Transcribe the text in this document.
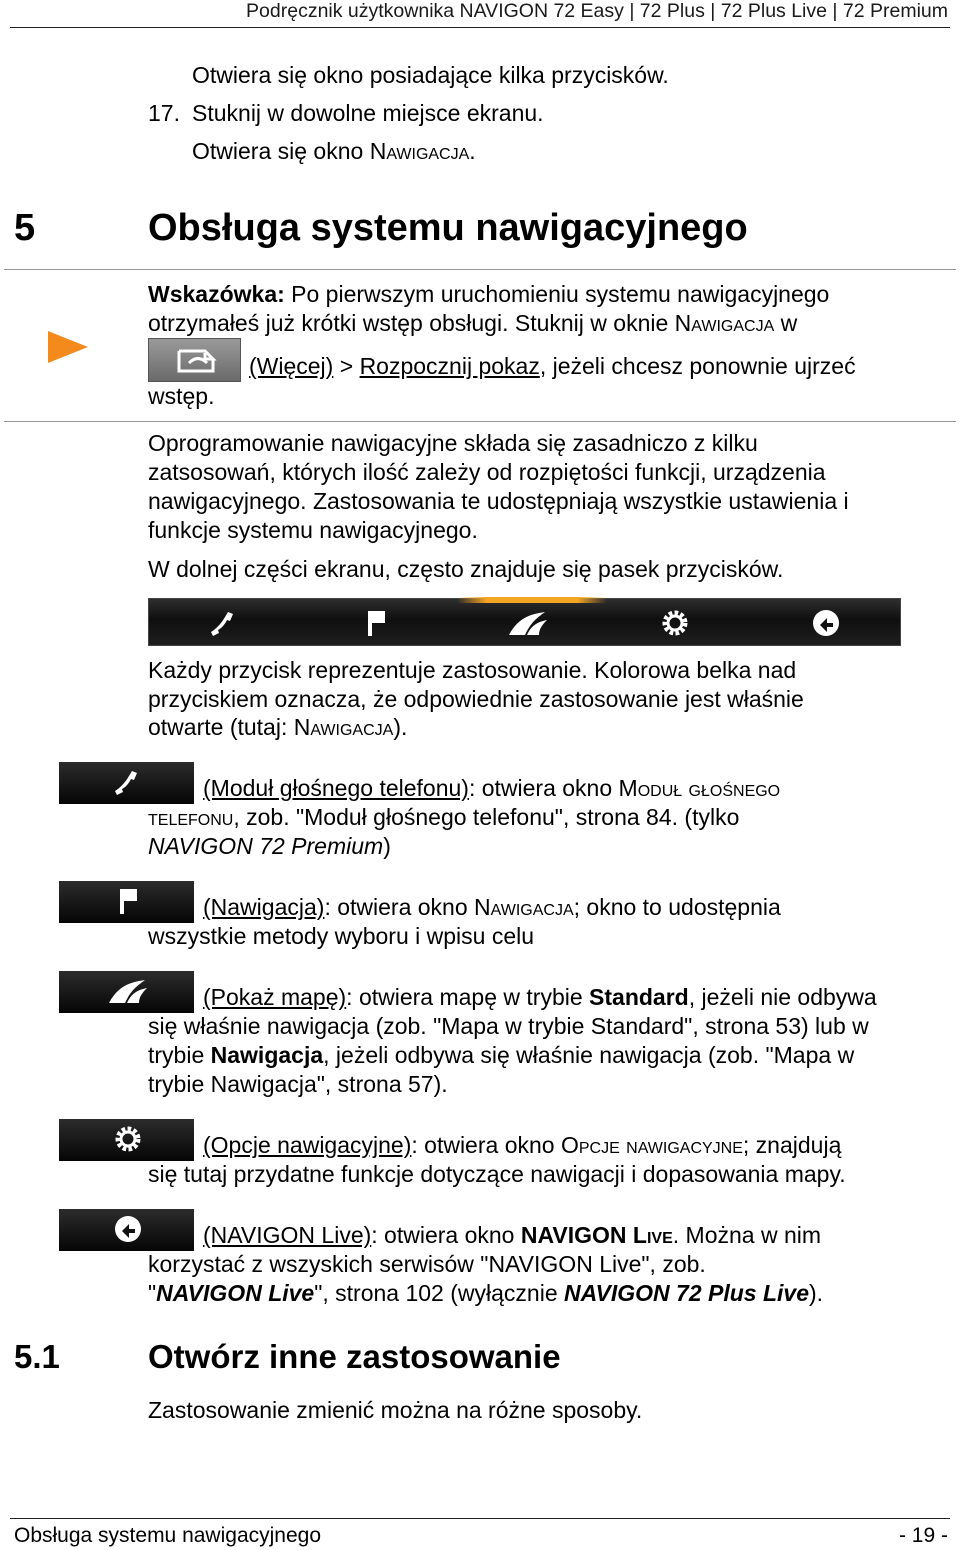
Podręcznik użytkownika NAVIGON 72 Easy | 72 Plus | 72 Plus Live | 72 Premium
Otwiera się okno posiadające kilka przycisków.
17. Stuknij w dowolne miejsce ekranu.
Otwiera się okno Nawigacja.
5	Obsługa systemu nawigacyjnego
Wskazówka: Po pierwszym uruchomieniu systemu nawigacyjnego
otrzymałeś już krótki wstęp obsługi. Stuknij w oknie Nawigacja w
(Więcej) > Rozpocznij pokaz, jeżeli chcesz ponownie ujrzeć
wstęp.
Oprogramowanie nawigacyjne składa się zasadniczo z kilku
zatsosowań, których ilość zależy od rozpiętości funkcji, urządzenia
nawigacyjnego. Zastosowania te udostępniają wszystkie ustawienia i
funkcje systemu nawigacyjnego.
W dolnej części ekranu, często znajduje się pasek przycisków.
Każdy przycisk reprezentuje zastosowanie. Kolorowa belka nad
przyciskiem oznacza, że odpowiednie zastosowanie jest właśnie
otwarte (tutaj: Nawigacja).
(Moduł głośnego telefonu): otwiera okno Moduł głośnego
telefonu, zob. "Moduł głośnego telefonu", strona 84. (tylko
NAVIGON 72 Premium)
(Nawigacja): otwiera okno Nawigacja; okno to udostępnia
wszystkie metody wyboru i wpisu celu
(Pokaż mapę): otwiera mapę w trybie Standard, jeżeli nie odbywa
się właśnie nawigacja (zob. "Mapa w trybie Standard", strona 53) lub w
trybie Nawigacja, jeżeli odbywa się właśnie nawigacja (zob. "Mapa w
trybie Nawigacja", strona 57).
(Opcje nawigacyjne): otwiera okno Opcje nawigacyjne; znajdują
się tutaj przydatne funkcje dotyczące nawigacji i dopasowania mapy.
(NAVIGON Live): otwiera okno NAVIGON Live. Można w nim
korzystać z wszyskich serwisów "NAVIGON Live", zob.
"NAVIGON Live", strona 102 (wyłącznie NAVIGON 72 Plus Live).
5.1	Otwórz inne zastosowanie
Zastosowanie zmienić można na różne sposoby.
Obsługa systemu nawigacyjnego	- 19 -
